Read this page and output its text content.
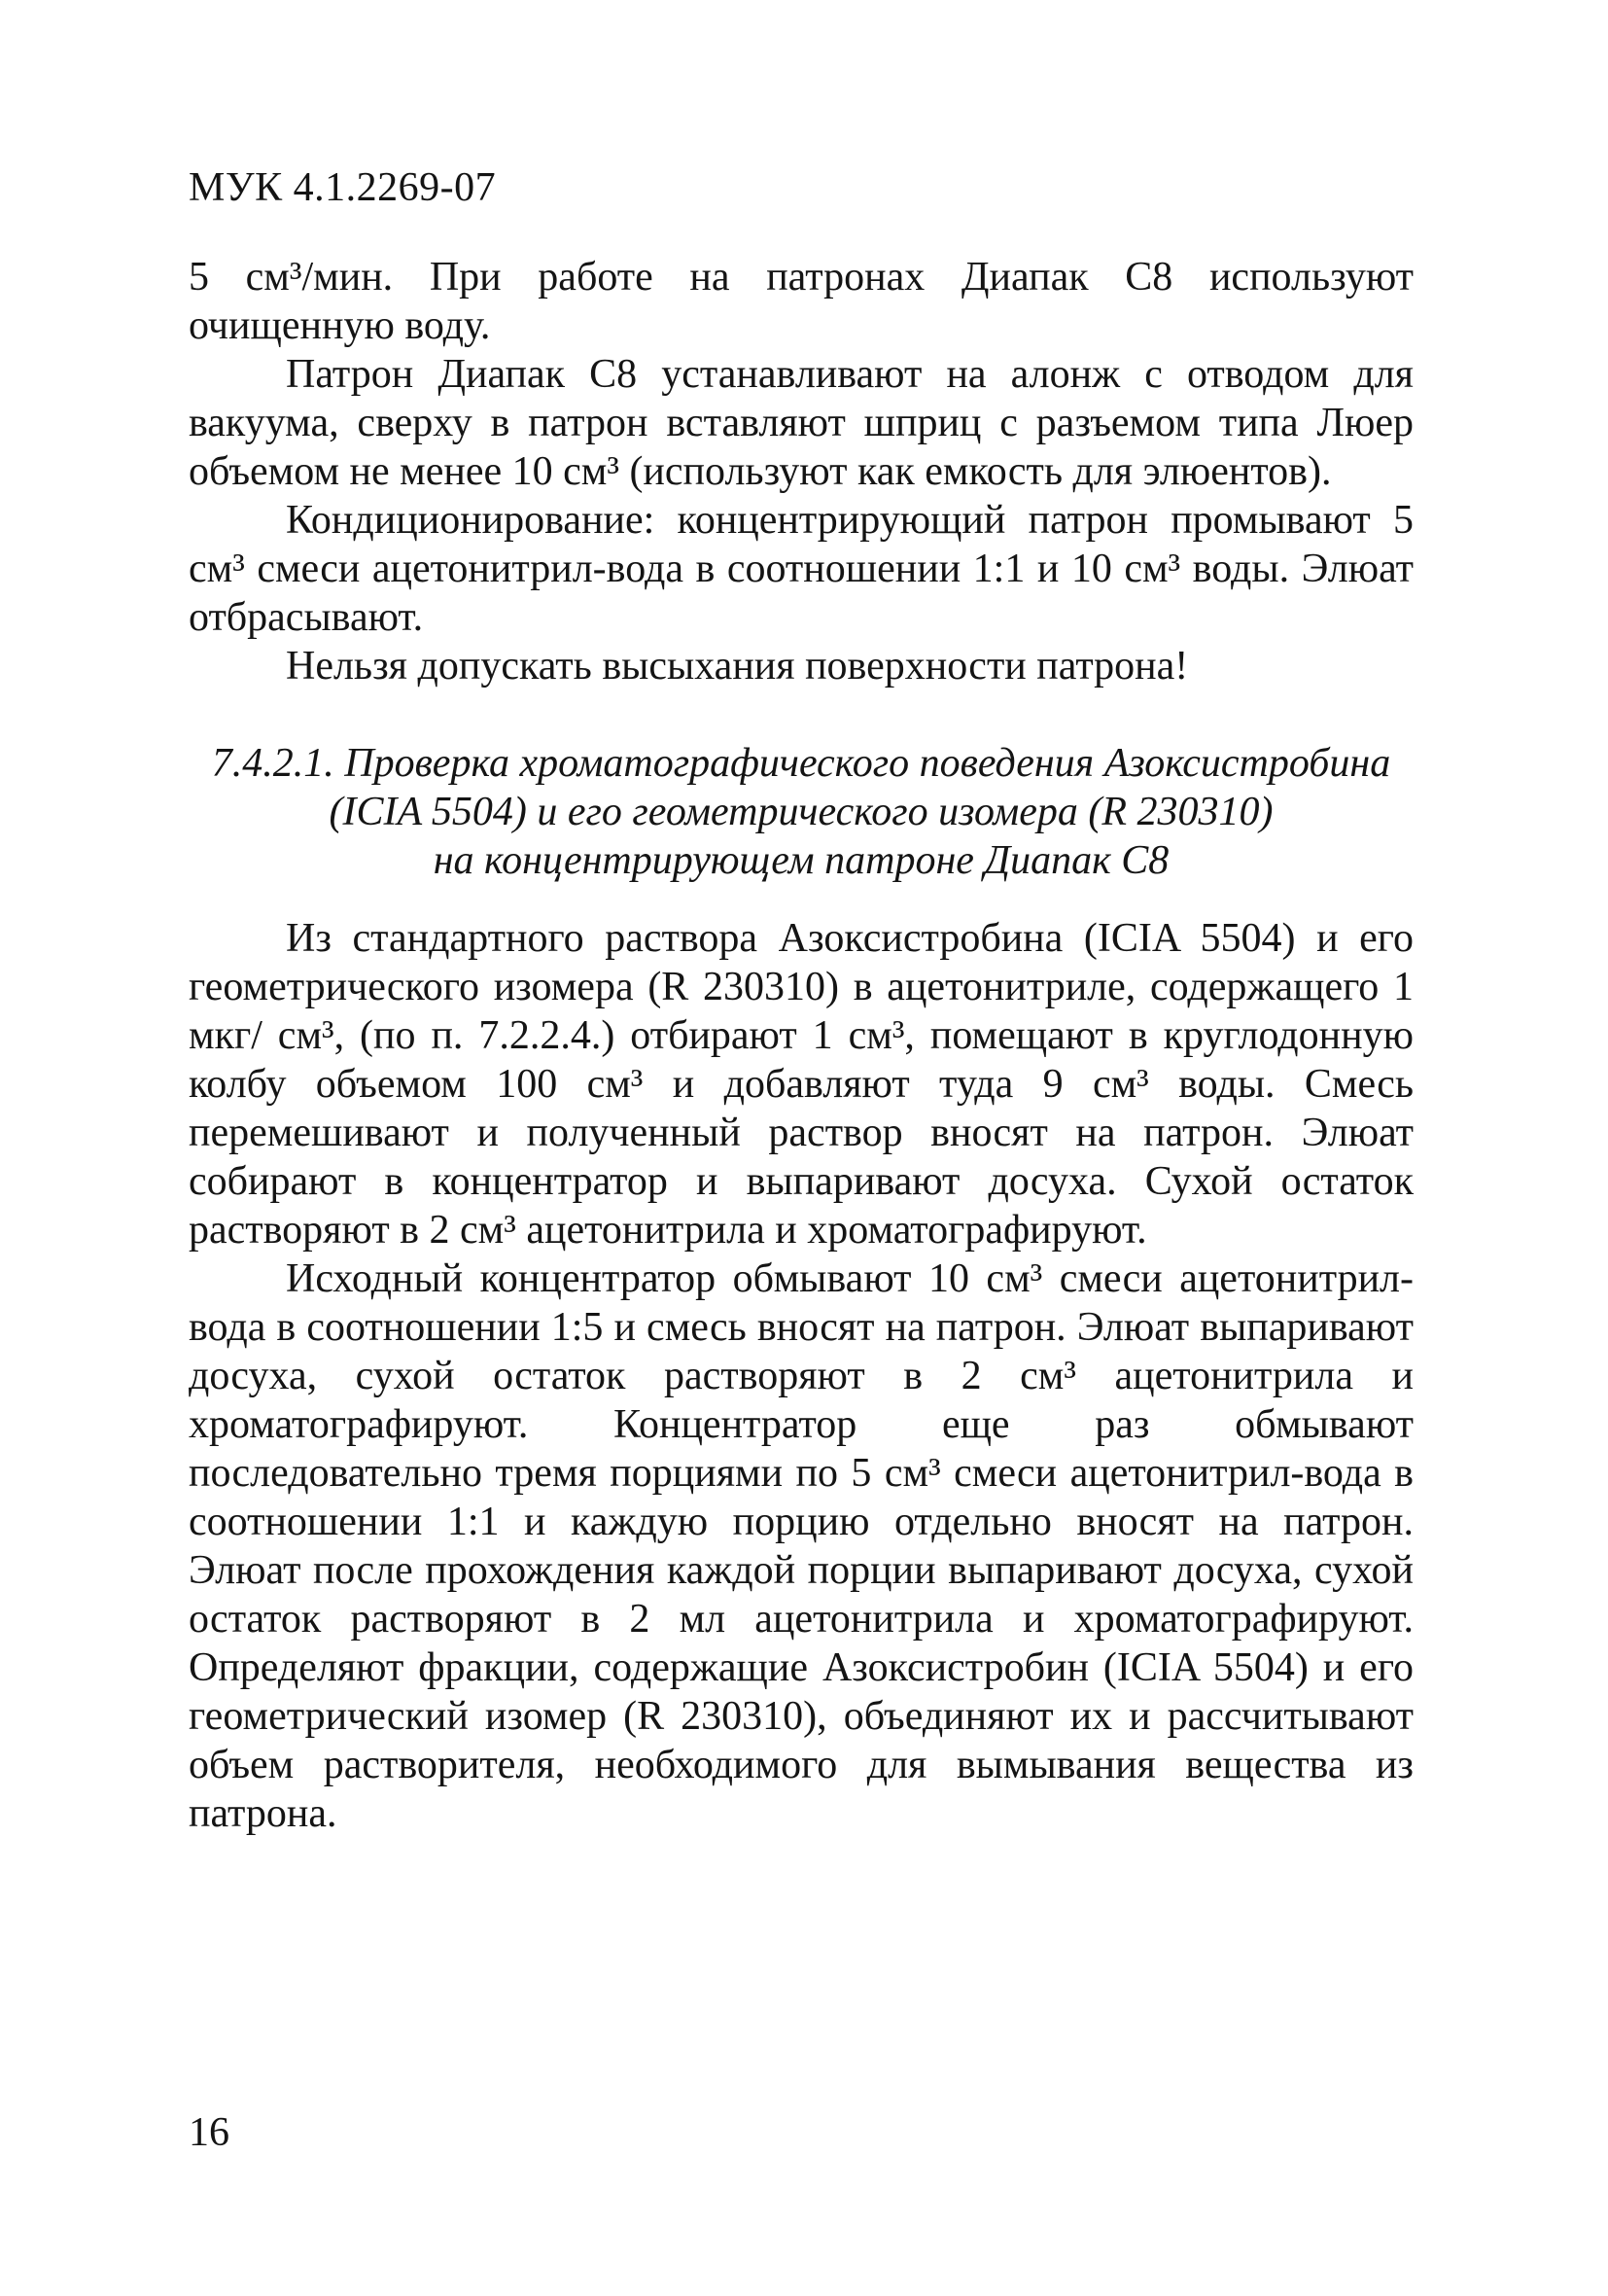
МУК 4.1.2269-07

5 см³/мин. При работе на патронах Диапак С8 используют очищенную воду.

Патрон Диапак С8 устанавливают на алонж с отводом для вакуума, сверху в патрон вставляют шприц с разъемом типа Люер объемом не менее 10 см³ (используют как емкость для элюентов).

Кондиционирование: концентрирующий патрон промывают 5 см³ смеси ацетонитрил-вода в соотношении 1:1 и 10 см³ воды. Элюат отбрасывают.

Нельзя допускать высыхания поверхности патрона!

7.4.2.1. Проверка хроматографического поведения Азоксистробина
(ICIA 5504) и его геометрического изомера (R 230310)
на концентрирующем патроне Диапак С8

Из стандартного раствора Азоксистробина (ICIA 5504) и его геометрического изомера (R 230310) в ацетонитриле, содержащего 1 мкг/ см³, (по п. 7.2.2.4.) отбирают 1 см³, помещают в круглодонную колбу объемом 100 см³ и добавляют туда 9 см³ воды. Смесь перемешивают и полученный раствор вносят на патрон. Элюат собирают в концентратор и выпаривают досуха. Сухой остаток растворяют в 2 см³ ацетонитрила и хроматографируют.

Исходный концентратор обмывают 10 см³ смеси ацетонитрил-вода в соотношении 1:5 и смесь вносят на патрон. Элюат выпаривают досуха, сухой остаток растворяют в 2 см³ ацетонитрила и хроматографируют. Концентратор еще раз обмывают последовательно тремя порциями по 5 см³ смеси ацетонитрил-вода в соотношении 1:1 и каждую порцию отдельно вносят на патрон. Элюат после прохождения каждой порции выпаривают досуха, сухой остаток растворяют в 2 мл ацетонитрила и хроматографируют. Определяют фракции, содержащие Азоксистробин (ICIA 5504) и его геометрический изомер (R 230310), объединяют их и рассчитывают объем растворителя, необходимого для вымывания вещества из патрона.

16
